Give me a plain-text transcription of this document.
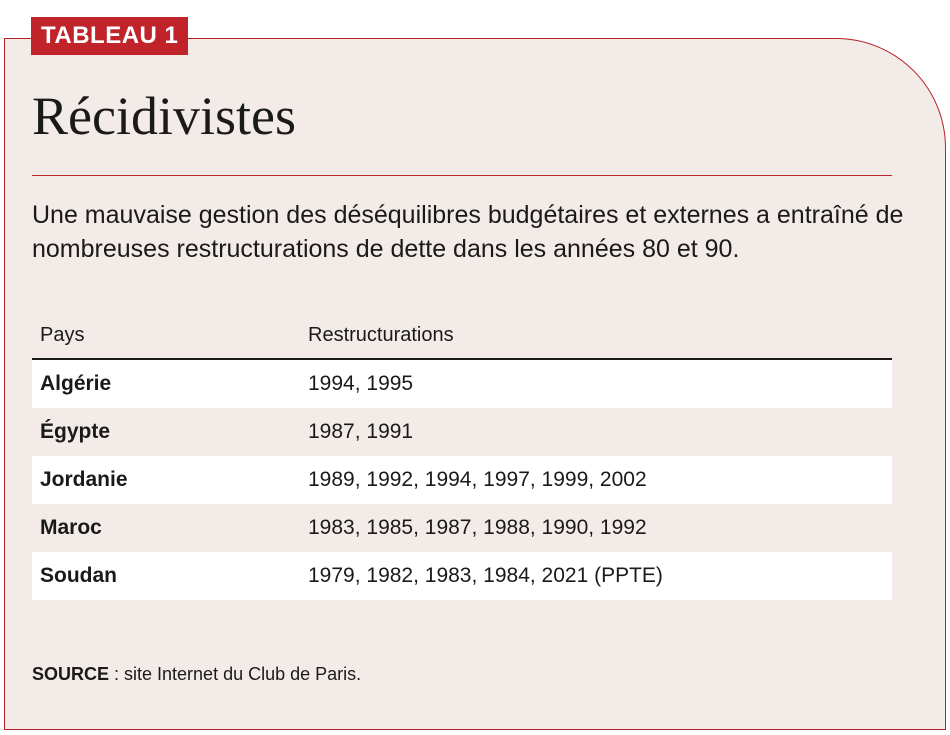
TABLEAU 1
Récidivistes

Une mauvaise gestion des déséquilibres budgétaires et externes a entraîné de nombreuses restructurations de dette dans les années 80 et 90.

Pays	Restructurations
Algérie	1994, 1995
Égypte	1987, 1991
Jordanie	1989, 1992, 1994, 1997, 1999, 2002
Maroc	1983, 1985, 1987, 1988, 1990, 1992
Soudan	1979, 1982, 1983, 1984, 2021 (PPTE)

SOURCE : site Internet du Club de Paris.
